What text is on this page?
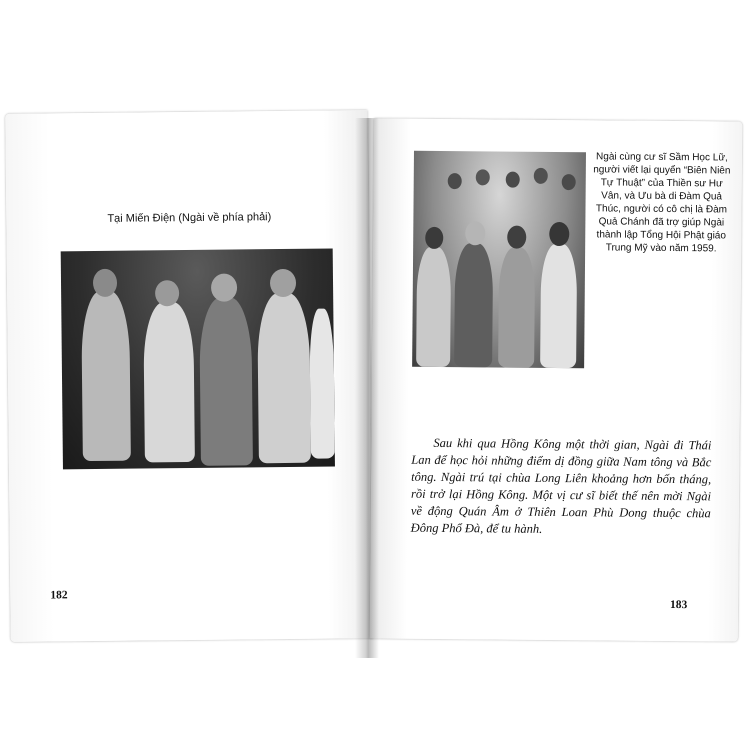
Tại Miến Điện (Ngài về phía phải)
182
Ngài cùng cư sĩ Sầm Học Lữ, người viết lại quyển “Biên Niên Tự Thuật” của Thiền sư Hư Vân, và Ưu bà di Đàm Quả Thúc, người có cô chị là Đàm Quả Chánh đã trợ giúp Ngài thành lập Tổng Hội Phật giáo Trung Mỹ vào năm 1959.
Sau khi qua Hồng Kông một thời gian, Ngài đi Thái Lan để học hỏi những điểm dị đồng giữa Nam tông và Bắc tông. Ngài trú tại chùa Long Liên khoảng hơn bốn tháng, rồi trở lại Hồng Kông. Một vị cư sĩ biết thế nên mời Ngài về động Quán Âm ở Thiên Loan Phù Dong thuộc chùa Đông Phổ Đà, để tu hành.
183
